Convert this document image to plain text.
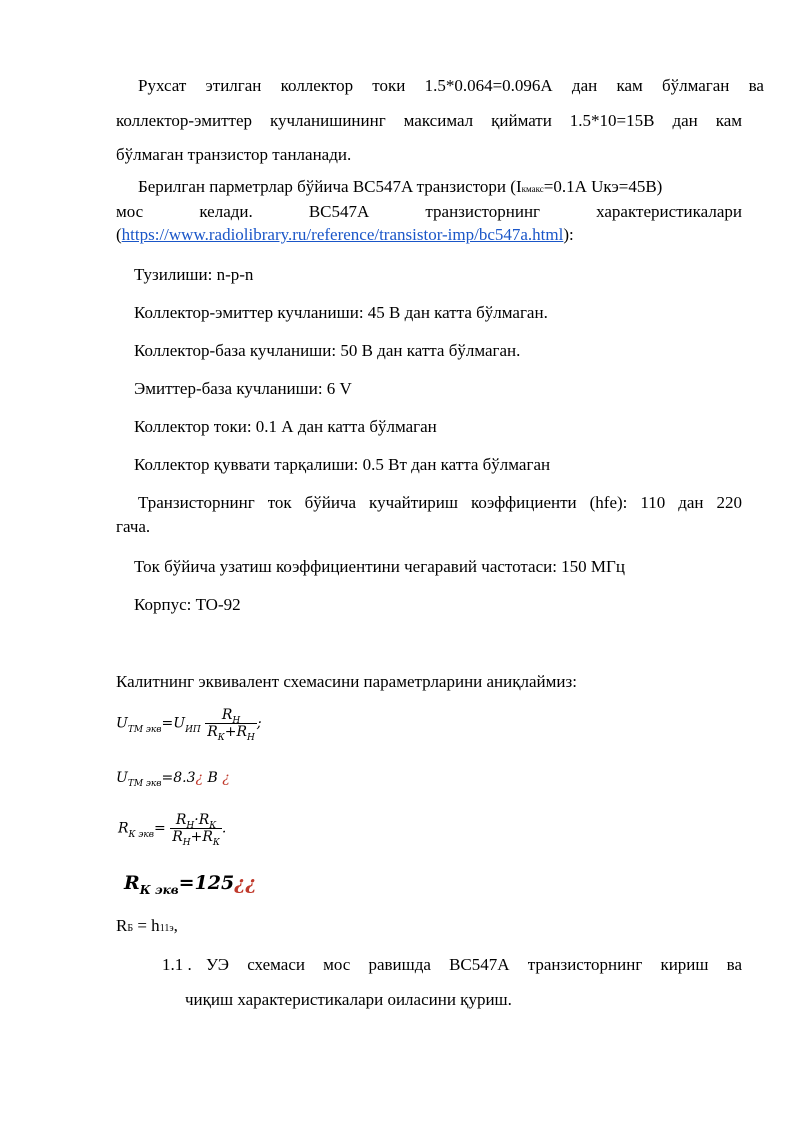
Рухсат этилган коллектор токи 1.5*0.064=0.096А дан кам бўлмаган ва
коллектор-эмиттер кучланишининг максимал қиймати 1.5*10=15В дан кам
бўлмаган транзистор танланади.
Берилган парметрлар бўйича BC547A транзистори (Iкмакс=0.1А Uкэ=45В)
мос	келади.	BC547A	транзисторнинг	характеристикалари
(https://www.radiolibrary.ru/reference/transistor-imp/bc547a.html):
Тузилиши: n-p-n
Коллектор-эмиттер кучланиши: 45 В дан катта бўлмаган.
Коллектор-база кучланиши: 50 В дан катта бўлмаган.
Эмиттер-база кучланиши: 6 V
Коллектор токи: 0.1 А дан катта бўлмаган
Коллектор қуввати тарқалиши: 0.5 Вт дан катта бўлмаган
Транзисторнинг ток бўйича кучайтириш коэффициенти (hfe): 110 дан 220
гача.
Ток бўйича узатиш коэффициентини чегаравий частотаси: 150 МГц
Корпус: TO-92
Калитнинг эквивалент схемасини параметрларини аниқлаймиз:
$U_{ТМ экв}=U_{ИП} \frac{R_Н}{R_К+R_Н}$ ;
$U_{ТМ экв}=8.3¿$ B ¿
$R_{К экв}= \frac{R_Н\cdot R_К}{R_Н+R_К}$ .
$R_{К экв}=125¿¿$
RБ = h11э,
1.1 . УЭ схемаси мос равишда BC547A транзисторнинг кириш ва
чиқиш характеристикалари оиласини қуриш.
